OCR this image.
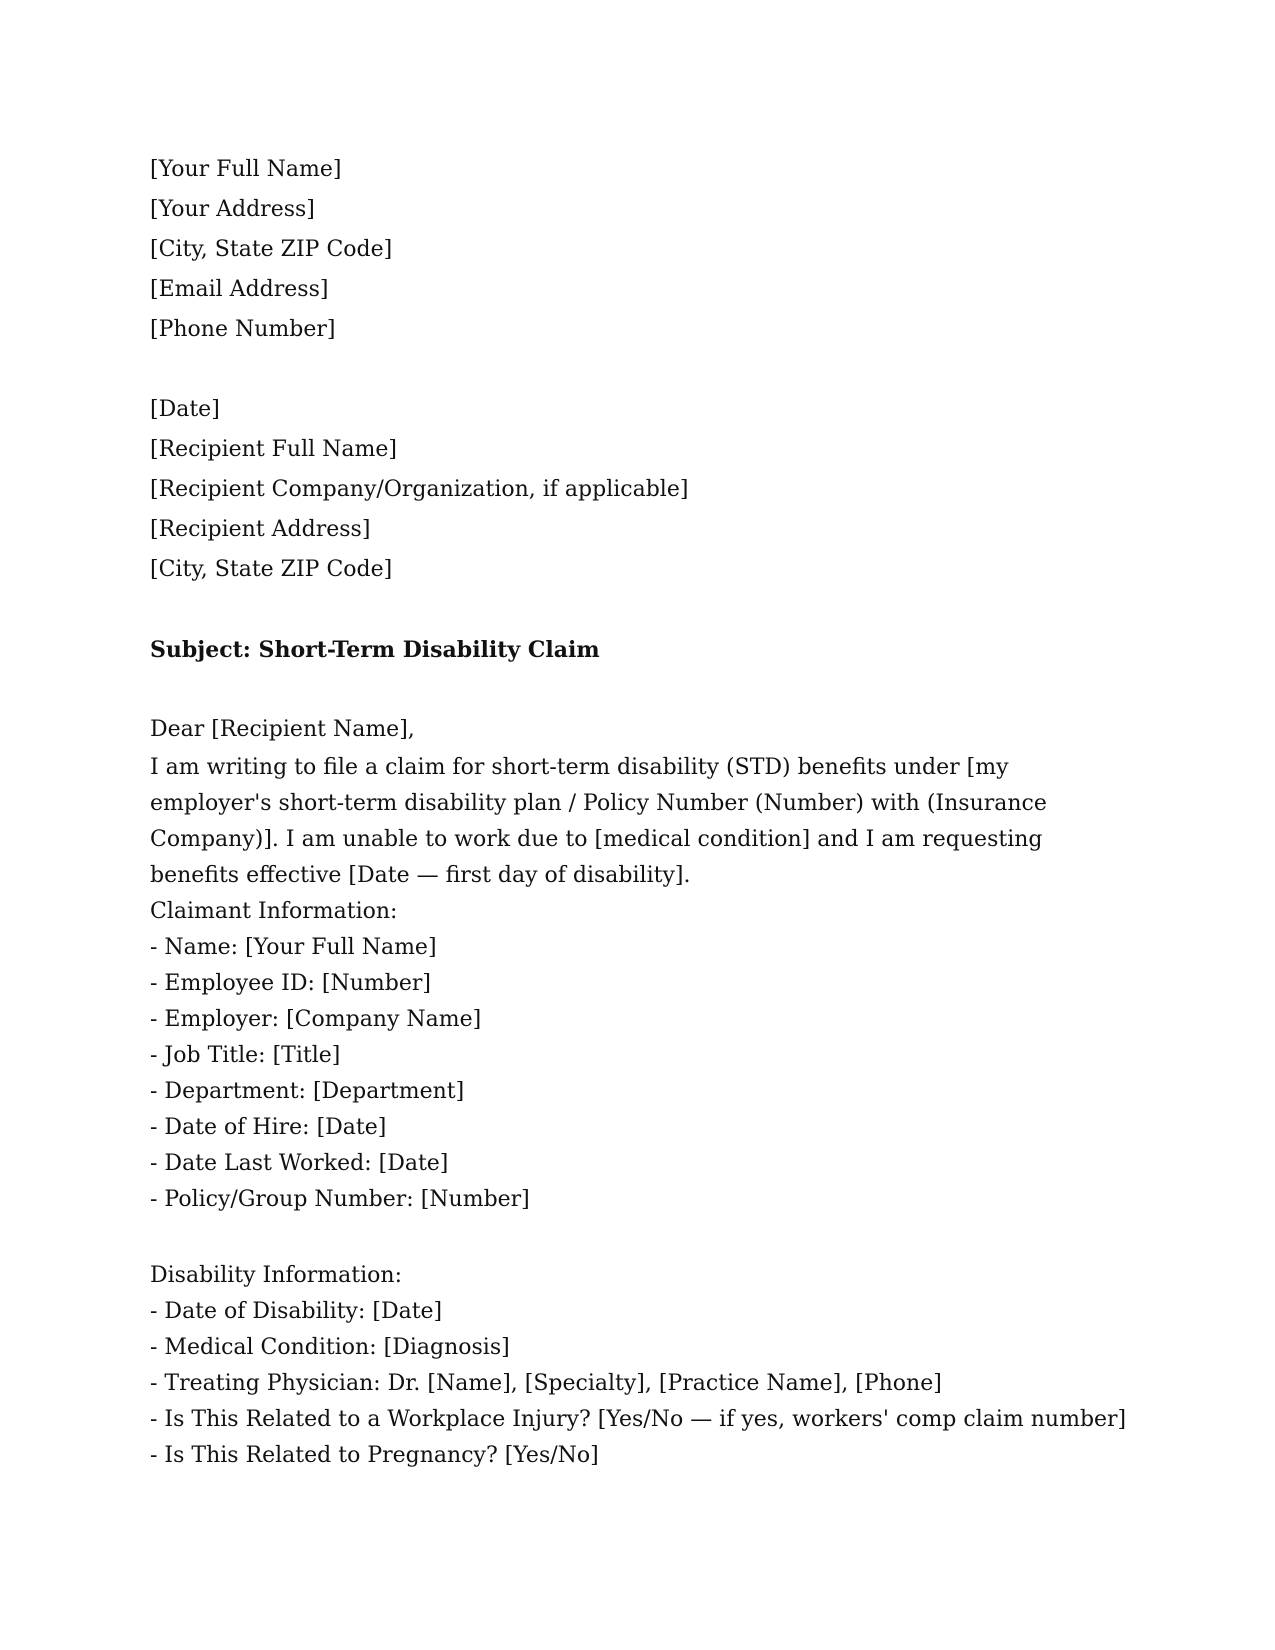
[Your Full Name]
[Your Address]
[City, State ZIP Code]
[Email Address]
[Phone Number]
[Date]
[Recipient Full Name]
[Recipient Company/Organization, if applicable]
[Recipient Address]
[City, State ZIP Code]
Subject: Short-Term Disability Claim
Dear [Recipient Name],

I am writing to file a claim for short-term disability (STD) benefits under [my employer's short-term disability plan / Policy Number (Number) with (Insurance Company)]. I am unable to work due to [medical condition] and I am requesting benefits effective [Date — first day of disability].

Claimant Information:
- Name: [Your Full Name]
- Employee ID: [Number]
- Employer: [Company Name]
- Job Title: [Title]
- Department: [Department]
- Date of Hire: [Date]
- Date Last Worked: [Date]
- Policy/Group Number: [Number]
Disability Information:
- Date of Disability: [Date]
- Medical Condition: [Diagnosis]
- Treating Physician: Dr. [Name], [Specialty], [Practice Name], [Phone]
- Is This Related to a Workplace Injury? [Yes/No — if yes, workers' comp claim number]
- Is This Related to Pregnancy? [Yes/No]
